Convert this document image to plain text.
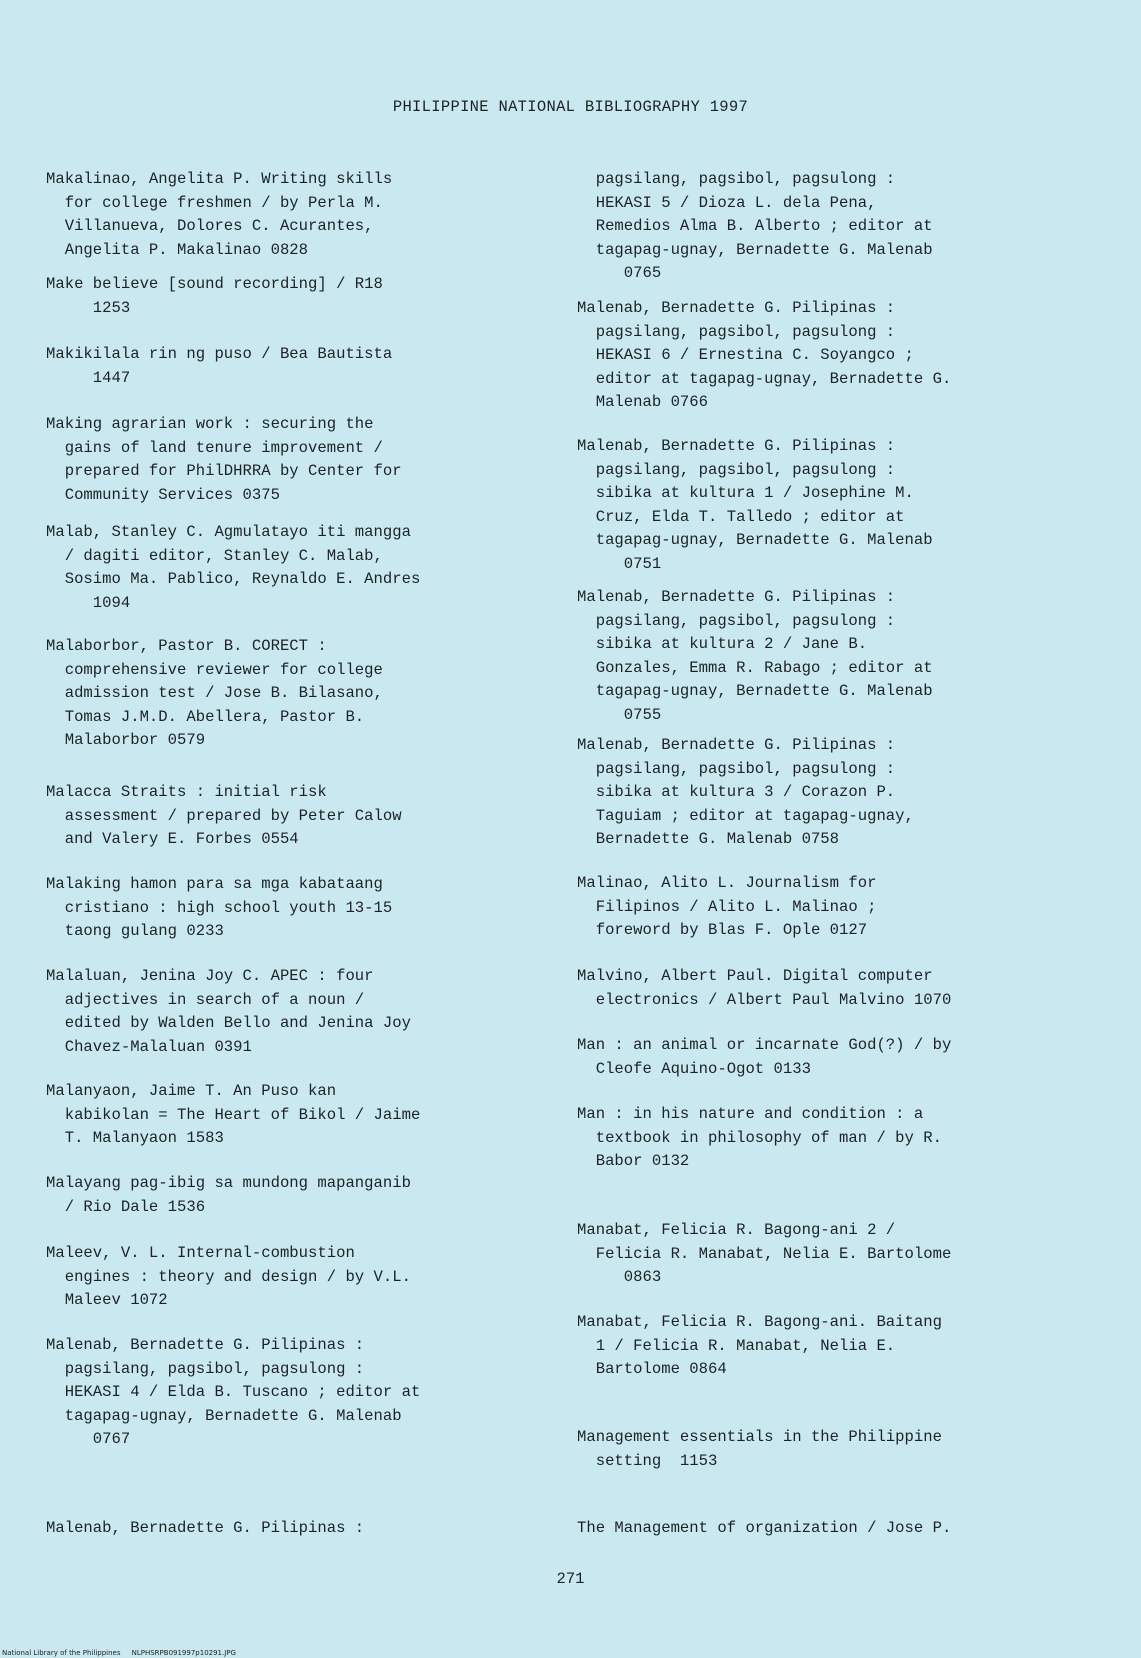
PHILIPPINE NATIONAL BIBLIOGRAPHY 1997
Makalinao, Angelita P. Writing skills
for college freshmen / by Perla M.
Villanueva, Dolores C. Acurantes,
Angelita P. Makalinao 0828
Make believe [sound recording] / R18
1253
Makikilala rin ng puso / Bea Bautista
1447
Making agrarian work : securing the
gains of land tenure improvement /
prepared for PhilDHRRA by Center for
Community Services 0375
Malab, Stanley C. Agmulatayo iti mangga
/ dagiti editor, Stanley C. Malab,
Sosimo Ma. Pablico, Reynaldo E. Andres
1094
Malaborbor, Pastor B. CORECT :
comprehensive reviewer for college
admission test / Jose B. Bilasano,
Tomas J.M.D. Abellera, Pastor B.
Malaborbor 0579
Malacca Straits : initial risk
assessment / prepared by Peter Calow
and Valery E. Forbes 0554
Malaking hamon para sa mga kabataang
cristiano : high school youth 13-15
taong gulang 0233
Malaluan, Jenina Joy C. APEC : four
adjectives in search of a noun /
edited by Walden Bello and Jenina Joy
Chavez-Malaluan 0391
Malanyaon, Jaime T. An Puso kan
kabikolan = The Heart of Bikol / Jaime
T. Malanyaon 1583
Malayang pag-ibig sa mundong mapanganib
/ Rio Dale 1536
Maleev, V. L. Internal-combustion
engines : theory and design / by V.L.
Maleev 1072
Malenab, Bernadette G. Pilipinas :
pagsilang, pagsibol, pagsulong :
HEKASI 4 / Elda B. Tuscano ; editor at
tagapag-ugnay, Bernadette G. Malenab
0767
Malenab, Bernadette G. Pilipinas :
pagsilang, pagsibol, pagsulong :
HEKASI 5 / Dioza L. dela Pena,
Remedios Alma B. Alberto ; editor at
tagapag-ugnay, Bernadette G. Malenab
0765
Malenab, Bernadette G. Pilipinas :
pagsilang, pagsibol, pagsulong :
HEKASI 6 / Ernestina C. Soyangco ;
editor at tagapag-ugnay, Bernadette G.
Malenab 0766
Malenab, Bernadette G. Pilipinas :
pagsilang, pagsibol, pagsulong :
sibika at kultura 1 / Josephine M.
Cruz, Elda T. Talledo ; editor at
tagapag-ugnay, Bernadette G. Malenab
0751
Malenab, Bernadette G. Pilipinas :
pagsilang, pagsibol, pagsulong :
sibika at kultura 2 / Jane B.
Gonzales, Emma R. Rabago ; editor at
tagapag-ugnay, Bernadette G. Malenab
0755
Malenab, Bernadette G. Pilipinas :
pagsilang, pagsibol, pagsulong :
sibika at kultura 3 / Corazon P.
Taguiam ; editor at tagapag-ugnay,
Bernadette G. Malenab 0758
Malinao, Alito L. Journalism for
Filipinos / Alito L. Malinao ;
foreword by Blas F. Ople 0127
Malvino, Albert Paul. Digital computer
electronics / Albert Paul Malvino 1070
Man : an animal or incarnate God(?) / by
Cleofe Aquino-Ogot 0133
Man : in his nature and condition : a
textbook in philosophy of man / by R.
Babor 0132
Manabat, Felicia R. Bagong-ani 2 /
Felicia R. Manabat, Nelia E. Bartolome
0863
Manabat, Felicia R. Bagong-ani. Baitang
1 / Felicia R. Manabat, Nelia E.
Bartolome 0864
Management essentials in the Philippine
setting  1153
The Management of organization / Jose P.
271
National Library of the Philippines     NLPHSRPB091997p10291.JPG
